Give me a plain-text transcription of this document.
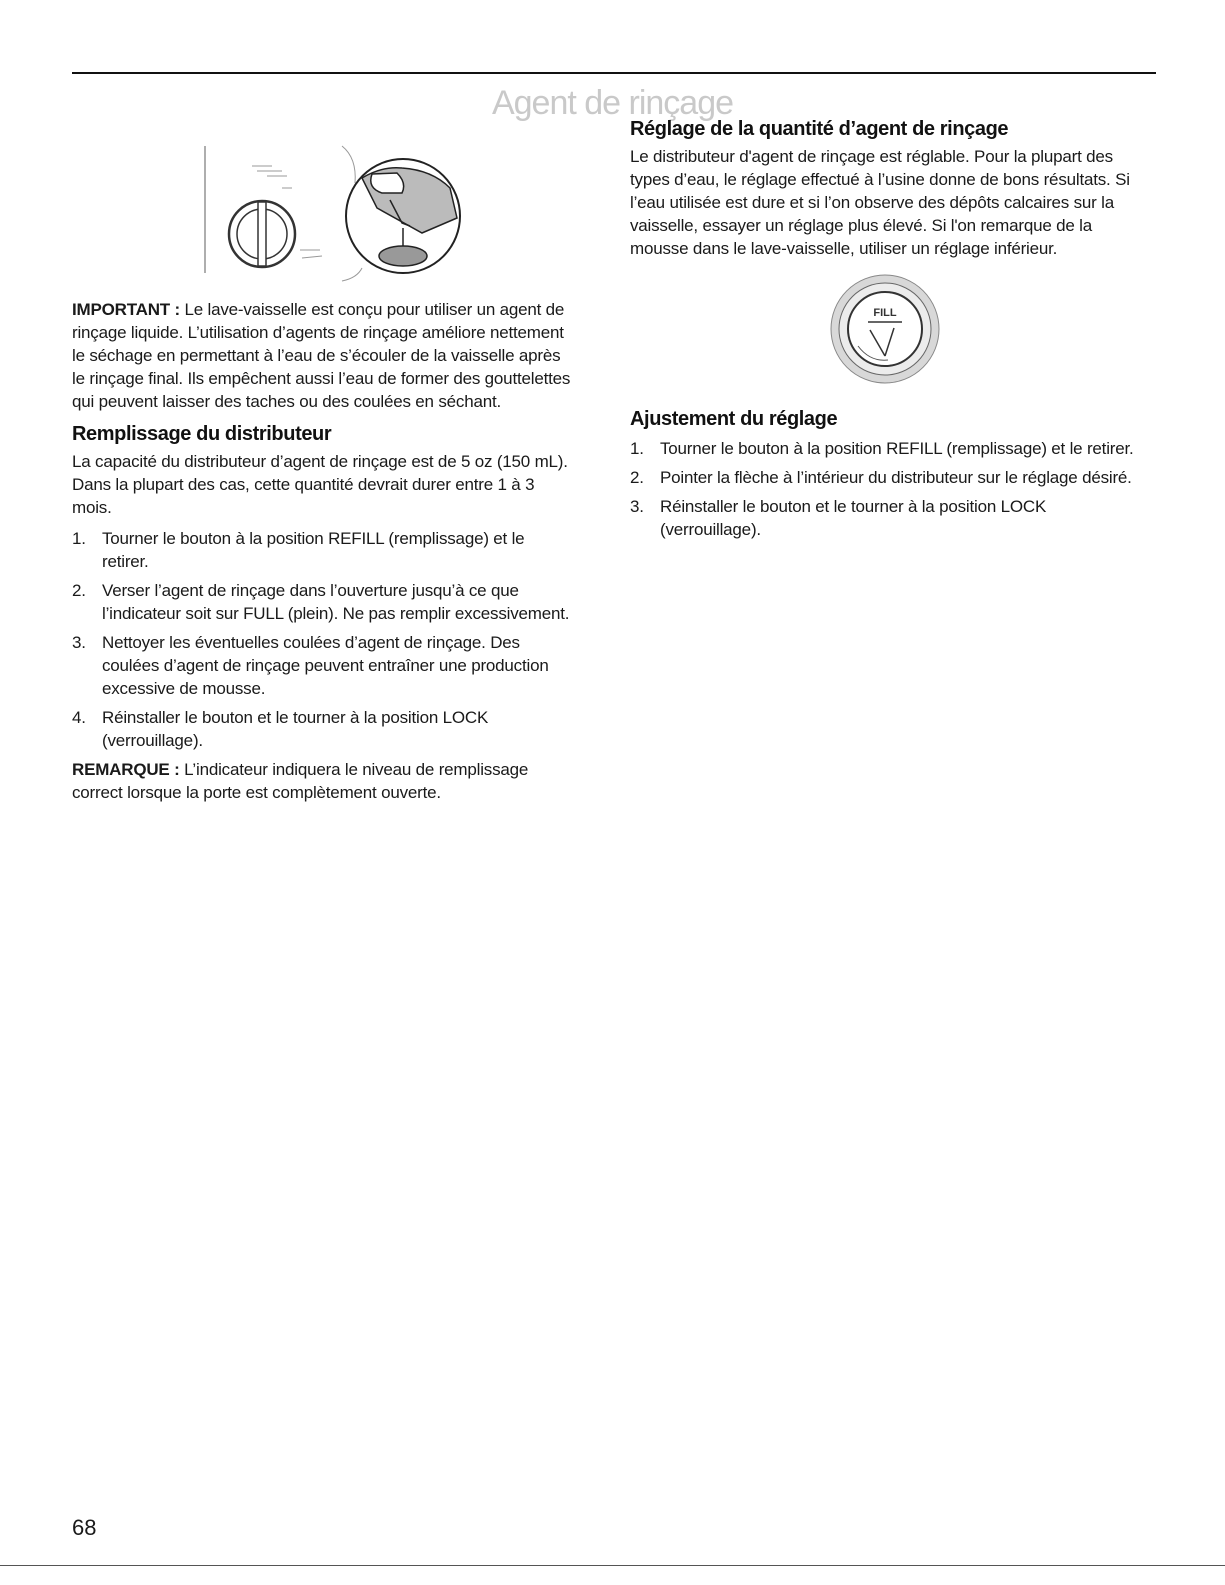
Agent de rinçage

IMPORTANT : Le lave-vaisselle est conçu pour utiliser un agent de rinçage liquide. L’utilisation d’agents de rinçage améliore nettement le séchage en permettant à l’eau de s’écouler de la vaisselle après le rinçage final. Ils empêchent aussi l’eau de former des gouttelettes qui peuvent laisser des taches ou des coulées en séchant.

Remplissage du distributeur

La capacité du distributeur d’agent de rinçage est de 5 oz (150 mL). Dans la plupart des cas, cette quantité devrait durer entre 1 à 3 mois.

1. Tourner le bouton à la position REFILL (remplissage) et le retirer.
2. Verser l’agent de rinçage dans l’ouverture jusqu’à ce que l’indicateur soit sur FULL (plein). Ne pas remplir excessivement.
3. Nettoyer les éventuelles coulées d’agent de rinçage. Des coulées d’agent de rinçage peuvent entraîner une production excessive de mousse.
4. Réinstaller le bouton et le tourner à la position LOCK (verrouillage).

REMARQUE : L’indicateur indiquera le niveau de remplissage correct lorsque la porte est complètement ouverte.

Réglage de la quantité d’agent de rinçage

Le distributeur d'agent de rinçage est réglable. Pour la plupart des types d’eau, le réglage effectué à l’usine donne de bons résultats. Si l’eau utilisée est dure et si l’on observe des dépôts calcaires sur la vaisselle, essayer un réglage plus élevé. Si l'on remarque de la mousse dans le lave-vaisselle, utiliser un réglage inférieur.

FILL
Ajustement du réglage
1. Tourner le bouton à la position REFILL (remplissage) et le retirer.
2. Pointer la flèche à l’intérieur du distributeur sur le réglage désiré.
3. Réinstaller le bouton et le tourner à la position LOCK (verrouillage).
68
